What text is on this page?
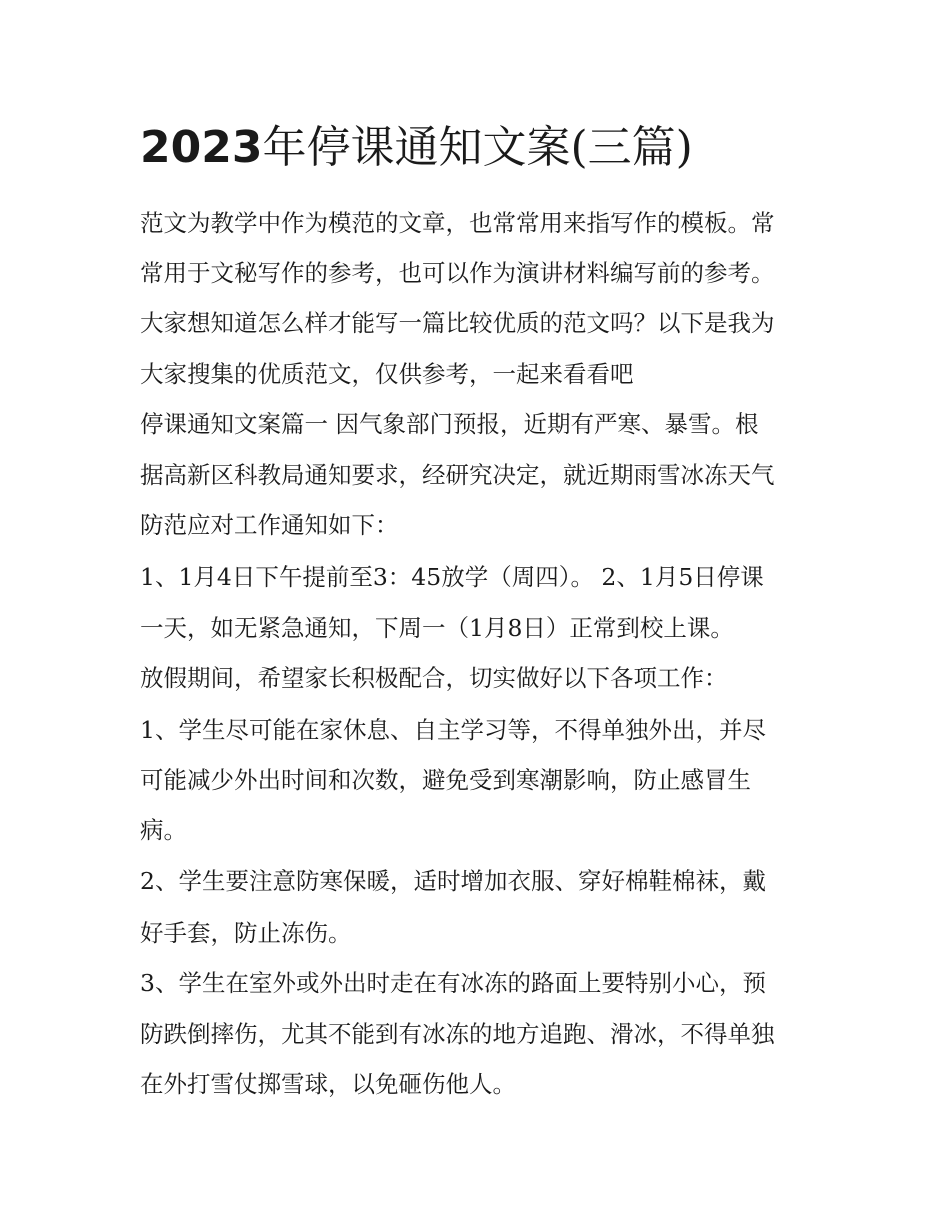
2023年停课通知文案(三篇)

范文为教学中作为模范的文章，也常常用来指写作的模板。常

常用于文秘写作的参考，也可以作为演讲材料编写前的参考。

大家想知道怎么样才能写一篇比较优质的范文吗？以下是我为

大家搜集的优质范文，仅供参考，一起来看看吧

停课通知文案篇一 因气象部门预报，近期有严寒、暴雪。根

据高新区科教局通知要求，经研究决定，就近期雨雪冰冻天气

防范应对工作通知如下：

1、1月4日下午提前至3：45放学（周四）。 2、1月5日停课

一天，如无紧急通知，下周一（1月8日）正常到校上课。

放假期间，希望家长积极配合，切实做好以下各项工作：

1、学生尽可能在家休息、自主学习等，不得单独外出，并尽

可能减少外出时间和次数，避免受到寒潮影响，防止感冒生

病。

2、学生要注意防寒保暖，适时增加衣服、穿好棉鞋棉袜，戴

好手套，防止冻伤。

3、学生在室外或外出时走在有冰冻的路面上要特别小心，预

防跌倒摔伤，尤其不能到有冰冻的地方追跑、滑冰，不得单独

在外打雪仗掷雪球，以免砸伤他人。
